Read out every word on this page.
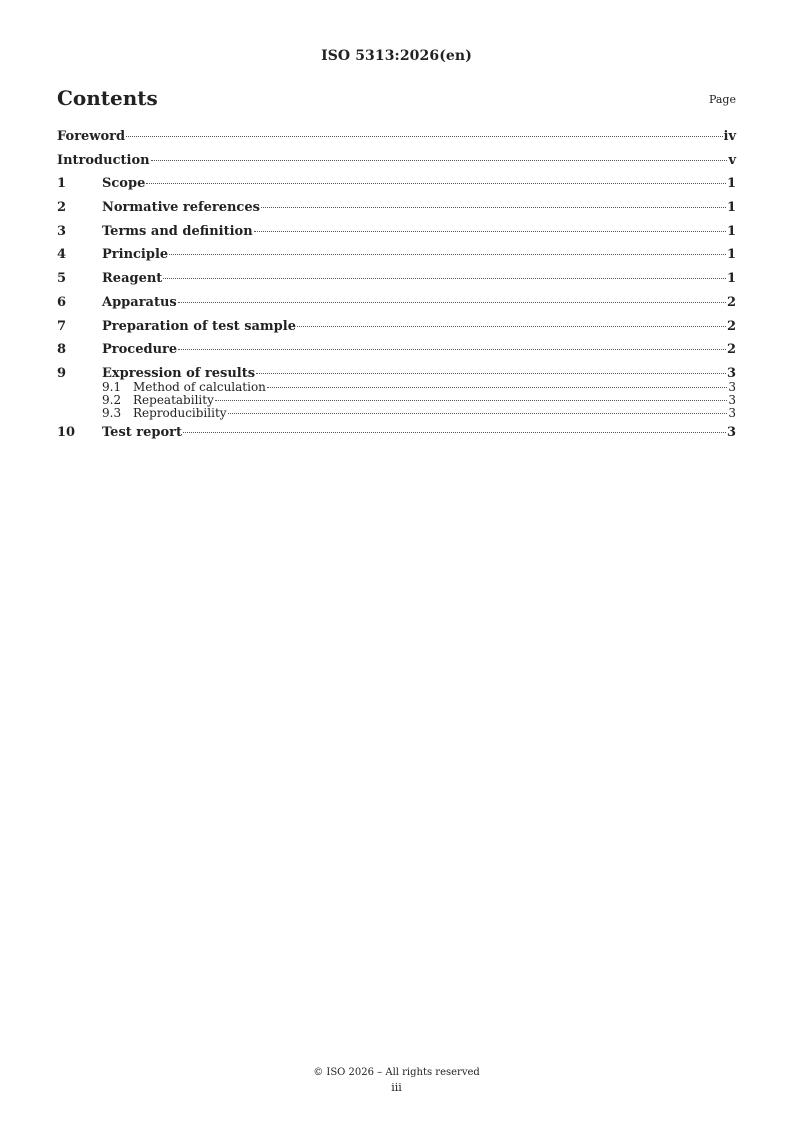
ISO 5313:2026(en)
Contents	Page
Foreword	iv
Introduction	v
1	Scope	1
2	Normative references	1
3	Terms and definition	1
4	Principle	1
5	Reagent	1
6	Apparatus	2
7	Preparation of test sample	2
8	Procedure	2
9	Expression of results	3
9.1 Method of calculation	3
9.2 Repeatability	3
9.3 Reproducibility	3
10	Test report	3
© ISO 2026 – All rights reserved
iii
